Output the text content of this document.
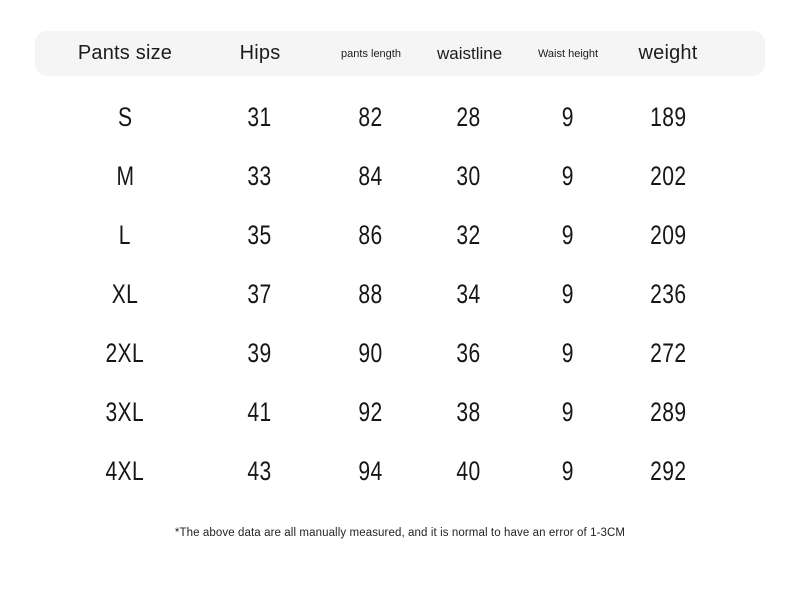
Pants size	Hips	pants length	waistline	Waist height	weight
S	31	82	28	9	189
M	33	84	30	9	202
L	35	86	32	9	209
XL	37	88	34	9	236
2XL	39	90	36	9	272
3XL	41	92	38	9	289
4XL	43	94	40	9	292
*The above data are all manually measured, and it is normal to have an error of 1-3CM
